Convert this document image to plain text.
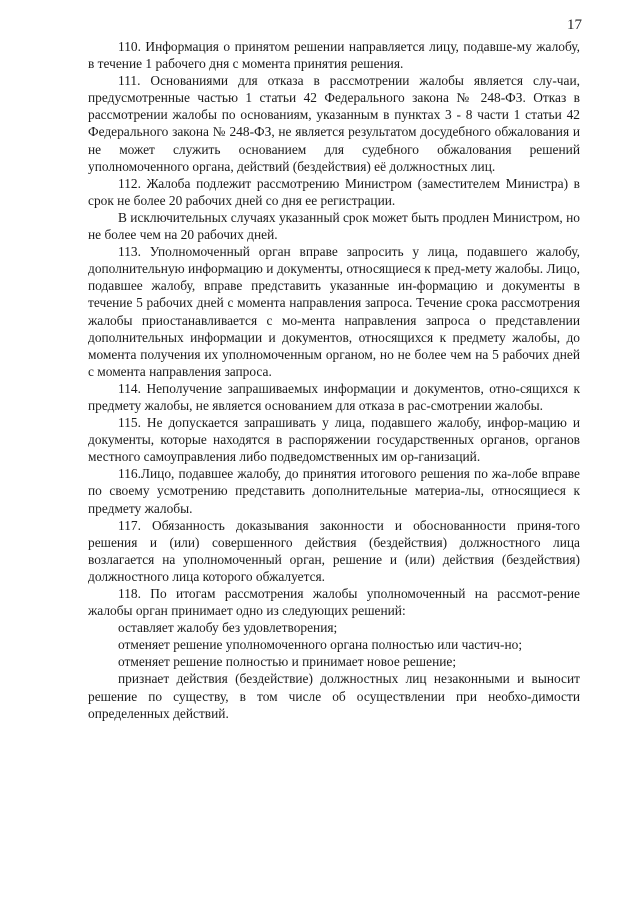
17

110. Информация о принятом решении направляется лицу, подавше-му жалобу, в течение 1 рабочего дня с момента принятия решения.

111. Основаниями для отказа в рассмотрении жалобы является слу-чаи, предусмотренные частью 1 статьи 42 Федерального закона № 248-ФЗ. Отказ в рассмотрении жалобы по основаниям, указанным в пунктах 3 - 8 части 1 статьи 42 Федерального закона № 248-ФЗ, не является результатом досудебного обжалования и не может служить основанием для судебного обжалования решений уполномоченного органа, действий (бездействия) её должностных лиц.

112. Жалоба подлежит рассмотрению Министром (заместителем Министра) в срок не более 20 рабочих дней со дня ее регистрации.

В исключительных случаях указанный срок может быть продлен Министром, но не более чем на 20 рабочих дней.

113. Уполномоченный орган вправе запросить у лица, подавшего жалобу, дополнительную информацию и документы, относящиеся к пред-мету жалобы. Лицо, подавшее жалобу, вправе представить указанные ин-формацию и документы в течение 5 рабочих дней с момента направления запроса. Течение срока рассмотрения жалобы приостанавливается с мо-мента направления запроса о представлении дополнительных информации и документов, относящихся к предмету жалобы, до момента получения их уполномоченным органом, но не более чем на 5 рабочих дней с момента направления запроса.

114. Неполучение запрашиваемых информации и документов, отно-сящихся к предмету жалобы, не является основанием для отказа в рас-смотрении жалобы.

115. Не допускается запрашивать у лица, подавшего жалобу, инфор-мацию и документы, которые находятся в распоряжении государственных органов, органов местного самоуправления либо подведомственных им ор-ганизаций.

116.Лицо, подавшее жалобу, до принятия итогового решения по жа-лобе вправе по своему усмотрению представить дополнительные материа-лы, относящиеся к предмету жалобы.

117. Обязанность доказывания законности и обоснованности приня-того решения и (или) совершенного действия (бездействия) должностного лица возлагается на уполномоченный орган, решение и (или) действия (бездействия) должностного лица которого обжалуется.

118. По итогам рассмотрения жалобы уполномоченный на рассмот-рение жалобы орган принимает одно из следующих решений:

оставляет жалобу без удовлетворения;

отменяет решение уполномоченного органа полностью или частич-но;

отменяет решение полностью и принимает новое решение;

признает действия (бездействие) должностных лиц незаконными и выносит решение по существу, в том числе об осуществлении при необхо-димости определенных действий.
